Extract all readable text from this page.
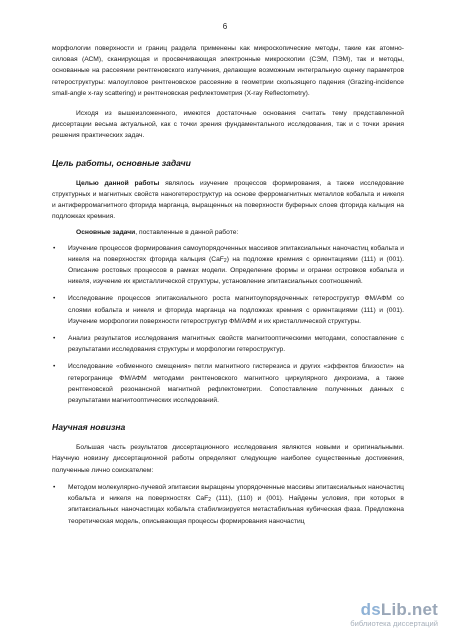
6

морфологии поверхности и границ раздела применены как микроскопические методы, такие как атомно-силовая (АСМ), сканирующая и просвечивающая электронные микроскопии (СЭМ, ПЭМ), так и методы, основанные на рассеянии рентгеновского излучения, делающие возможным интегральную оценку параметров гетероструктуры: малоугловое рентгеновское рассеяние в геометрии скользящего падения (Grazing-incidence small-angle x-ray scattering) и рентгеновская рефлектометрия (X-ray Reflectometry).

Исходя из вышеизложенного, имеются достаточные основания считать тему представленной диссертации весьма актуальной, как с точки зрения фундаментального исследования, так и с точки зрения решения практических задач.

Цель работы, основные задачи

Целью данной работы являлось изучение процессов формирования, а также исследование структурных и магнитных свойств наногетероструктур на основе ферромагнитных металлов кобальта и никеля и антиферромагнитного фторида марганца, выращенных на поверхности буферных слоев фторида кальция на подложках кремния.

Основные задачи, поставленные в данной работе:

• Изучение процессов формирования самоупорядоченных массивов эпитаксиальных наночастиц кобальта и никеля на поверхностях фторида кальция (CaF$_2$) на подложке кремния с ориентациями (111) и (001). Описание ростовых процессов в рамках модели. Определение формы и огранки островков кобальта и никеля, изучение их кристаллической структуры, установление эпитаксиальных соотношений.
• Исследование процессов эпитаксиального роста магнитоупорядоченных гетероструктур ФМ/АФМ со слоями кобальта и никеля и фторида марганца на подложках кремния с ориентациями (111) и (001). Изучение морфологии поверхности гетероструктур ФМ/АФМ и их кристаллической структуры.
• Анализ результатов исследования магнитных свойств магнитооптическими методами, сопоставление с результатами исследования структуры и морфологии гетероструктур.
• Исследование «обменного смещения» петли магнитного гистерезиса и других «эффектов близости» на гетерогранице ФМ/АФМ методами рентгеновского магнитного циркулярного дихроизма, а также рентгеновской резонансной магнитной рефлектометрии. Сопоставление полученных данных с результатами магнитооптических исследований.
Научная новизна

Большая часть результатов диссертационного исследования являются новыми и оригинальными. Научную новизну диссертационной работы определяют следующие наиболее существенные достижения, полученные лично соискателем:

• Методом молекулярно-лучевой эпитаксии выращены упорядоченные массивы эпитаксиальных наночастиц кобальта и никеля на поверхностях CaF$_2$ (111), (110) и (001). Найдены условия, при которых в эпитаксиальных наночастицах кобальта стабилизируется метастабильная кубическая фаза. Предложена теоретическая модель, описывающая процессы формирования наночастиц
dsLib.net
библиотека диссертаций
